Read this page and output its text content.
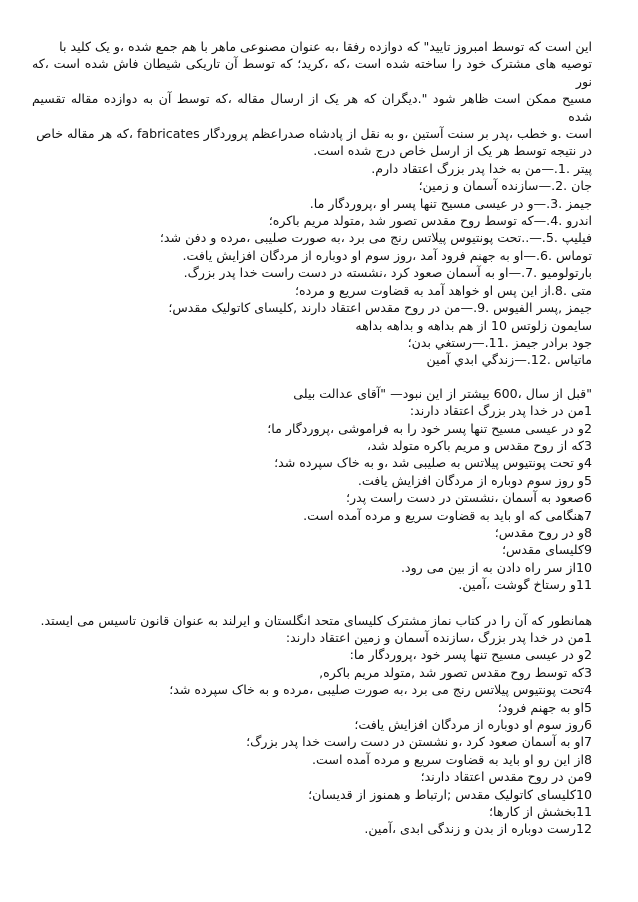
این است که توسط امبروز تایید" که دوازده رفقا ،به عنوان مصنوعی ماهر با هم جمع شده ،و یک کلید با

توصیه های مشترک خود را ساخته شده است ،که ،کرید؛ که توسط آن تاریکی شیطان فاش شده است ،که نور

مسیح ممکن است ظاهر شود ".دیگران که هر یک از ارسال مقاله ،که توسط آن به دوازده مقاله تقسیم شده

است .و خطب ،پدر بر سنت آستین ،و به نقل از پادشاه صدراعظم پروردگار fabricates ،که هر مقاله خاص

در نتیجه توسط هر یک از ارسل خاص درج شده است.

پیتر .1.—من به خدا پدر بزرگ اعتقاد دارم.
جان .2.—سازنده آسمان و زمین؛
جیمز .3.—و در عیسی مسیح تنها پسر او ،پروردگار ما.
اندرو .4.—که توسط روح مقدس تصور شد ,متولد مریم باکره؛
فیلیپ .5.—..تحت پونتیوس پیلاتس رنج می برد ،به صورت صلیبی ،مرده و دفن شد؛
توماس .6.—او به جهنم فرود آمد ،روز سوم او دوباره از مردگان افزایش یافت.
بارتولومیو .7.—او به آسمان صعود کرد ،نشسته در دست راست خدا پدر بزرگ.
متی .8.از این پس او خواهد آمد به قضاوت سریع و مرده؛
جیمز ,پسر الفیوس .9.—من در روح مقدس اعتقاد دارند ,کلیسای کاتولیک مقدس؛
سایمون زلوتس 10 از هم بداهه و بداهه بداهه
جود برادر جیمز .11.—رستغي بدن؛
ماتیاس .12.—زندگي ابدي آمين

"قبل از سال ،600 بیشتر از این نبود— "آقای عدالت بیلی

1من در خدا پدر بزرگ اعتقاد دارند:
2و در عیسی مسیح تنها پسر خود را به فراموشی ،پروردگار ما؛
3که از روح مقدس و مریم باکره متولد شد،
4و تحت پونتیوس پیلاتس به صلیبی شد ،و به خاک سپرده شد؛
5و روز سوم دوباره از مردگان افزایش یافت.
6صعود به آسمان ،نشستن در دست راست پدر؛
7هنگامی که او باید به قضاوت سریع و مرده آمده است.
8و در روح مقدس؛
9کلیسای مقدس؛
10از سر راه دادن به از بین می رود.
11و رستاخ گوشت ،آمین.

همانطور که آن را در کتاب نماز مشترک کلیسای متحد انگلستان و ایرلند به عنوان قانون تاسیس می ایستد.

1من در خدا پدر بزرگ ،سازنده آسمان و زمین اعتقاد دارند:
2و در عیسی مسیح تنها پسر خود ،پروردگار ما:
3که توسط روح مقدس تصور شد ,متولد مریم باکره,
4تحت پونتیوس پیلاتس رنج می برد ،به صورت صلیبی ،مرده و به خاک سپرده شد؛
5او به جهنم فرود؛
6روز سوم او دوباره از مردگان افزایش یافت؛
7او به آسمان صعود کرد ،و نشستن در دست راست خدا پدر بزرگ؛
8از این رو او باید به قضاوت سریع و مرده آمده است.
9من در روح مقدس اعتقاد دارند؛
10کلیسای کاتولیک مقدس ;ارتباط و همنوز از قدیسان؛
11بخشش از کارها؛
12رست دوباره از بدن و زندگی ابدی ،آمین.
